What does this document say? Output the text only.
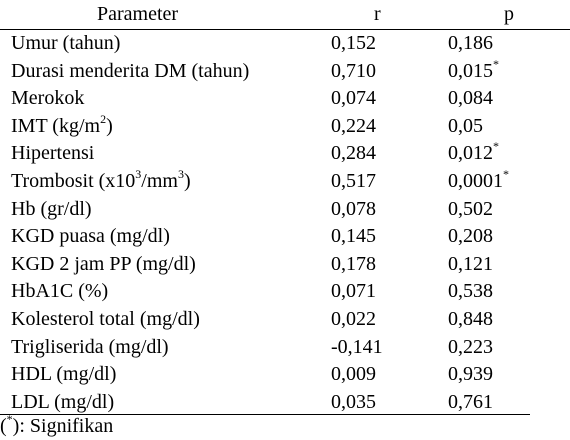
Parameter	r	p
Umur (tahun)	0,152	0,186
Durasi menderita DM (tahun)	0,710	0,015*
Merokok	0,074	0,084
IMT $(kg/m^2)$	0,224	0,05
Hipertensi	0,284	0,012*
Trombosit $(x10^3/mm^3)$	0,517	0,0001*
Hb (gr/dl)	0,078	0,502
KGD puasa (mg/dl)	0,145	0,208
KGD 2 jam PP (mg/dl)	0,178	0,121
HbA1C (%)	0,071	0,538
Kolesterol total (mg/dl)	0,022	0,848
Trigliserida (mg/dl)	-0,141	0,223
HDL (mg/dl)	0,009	0,939
LDL (mg/dl)	0,035	0,761
(*): Signifikan
